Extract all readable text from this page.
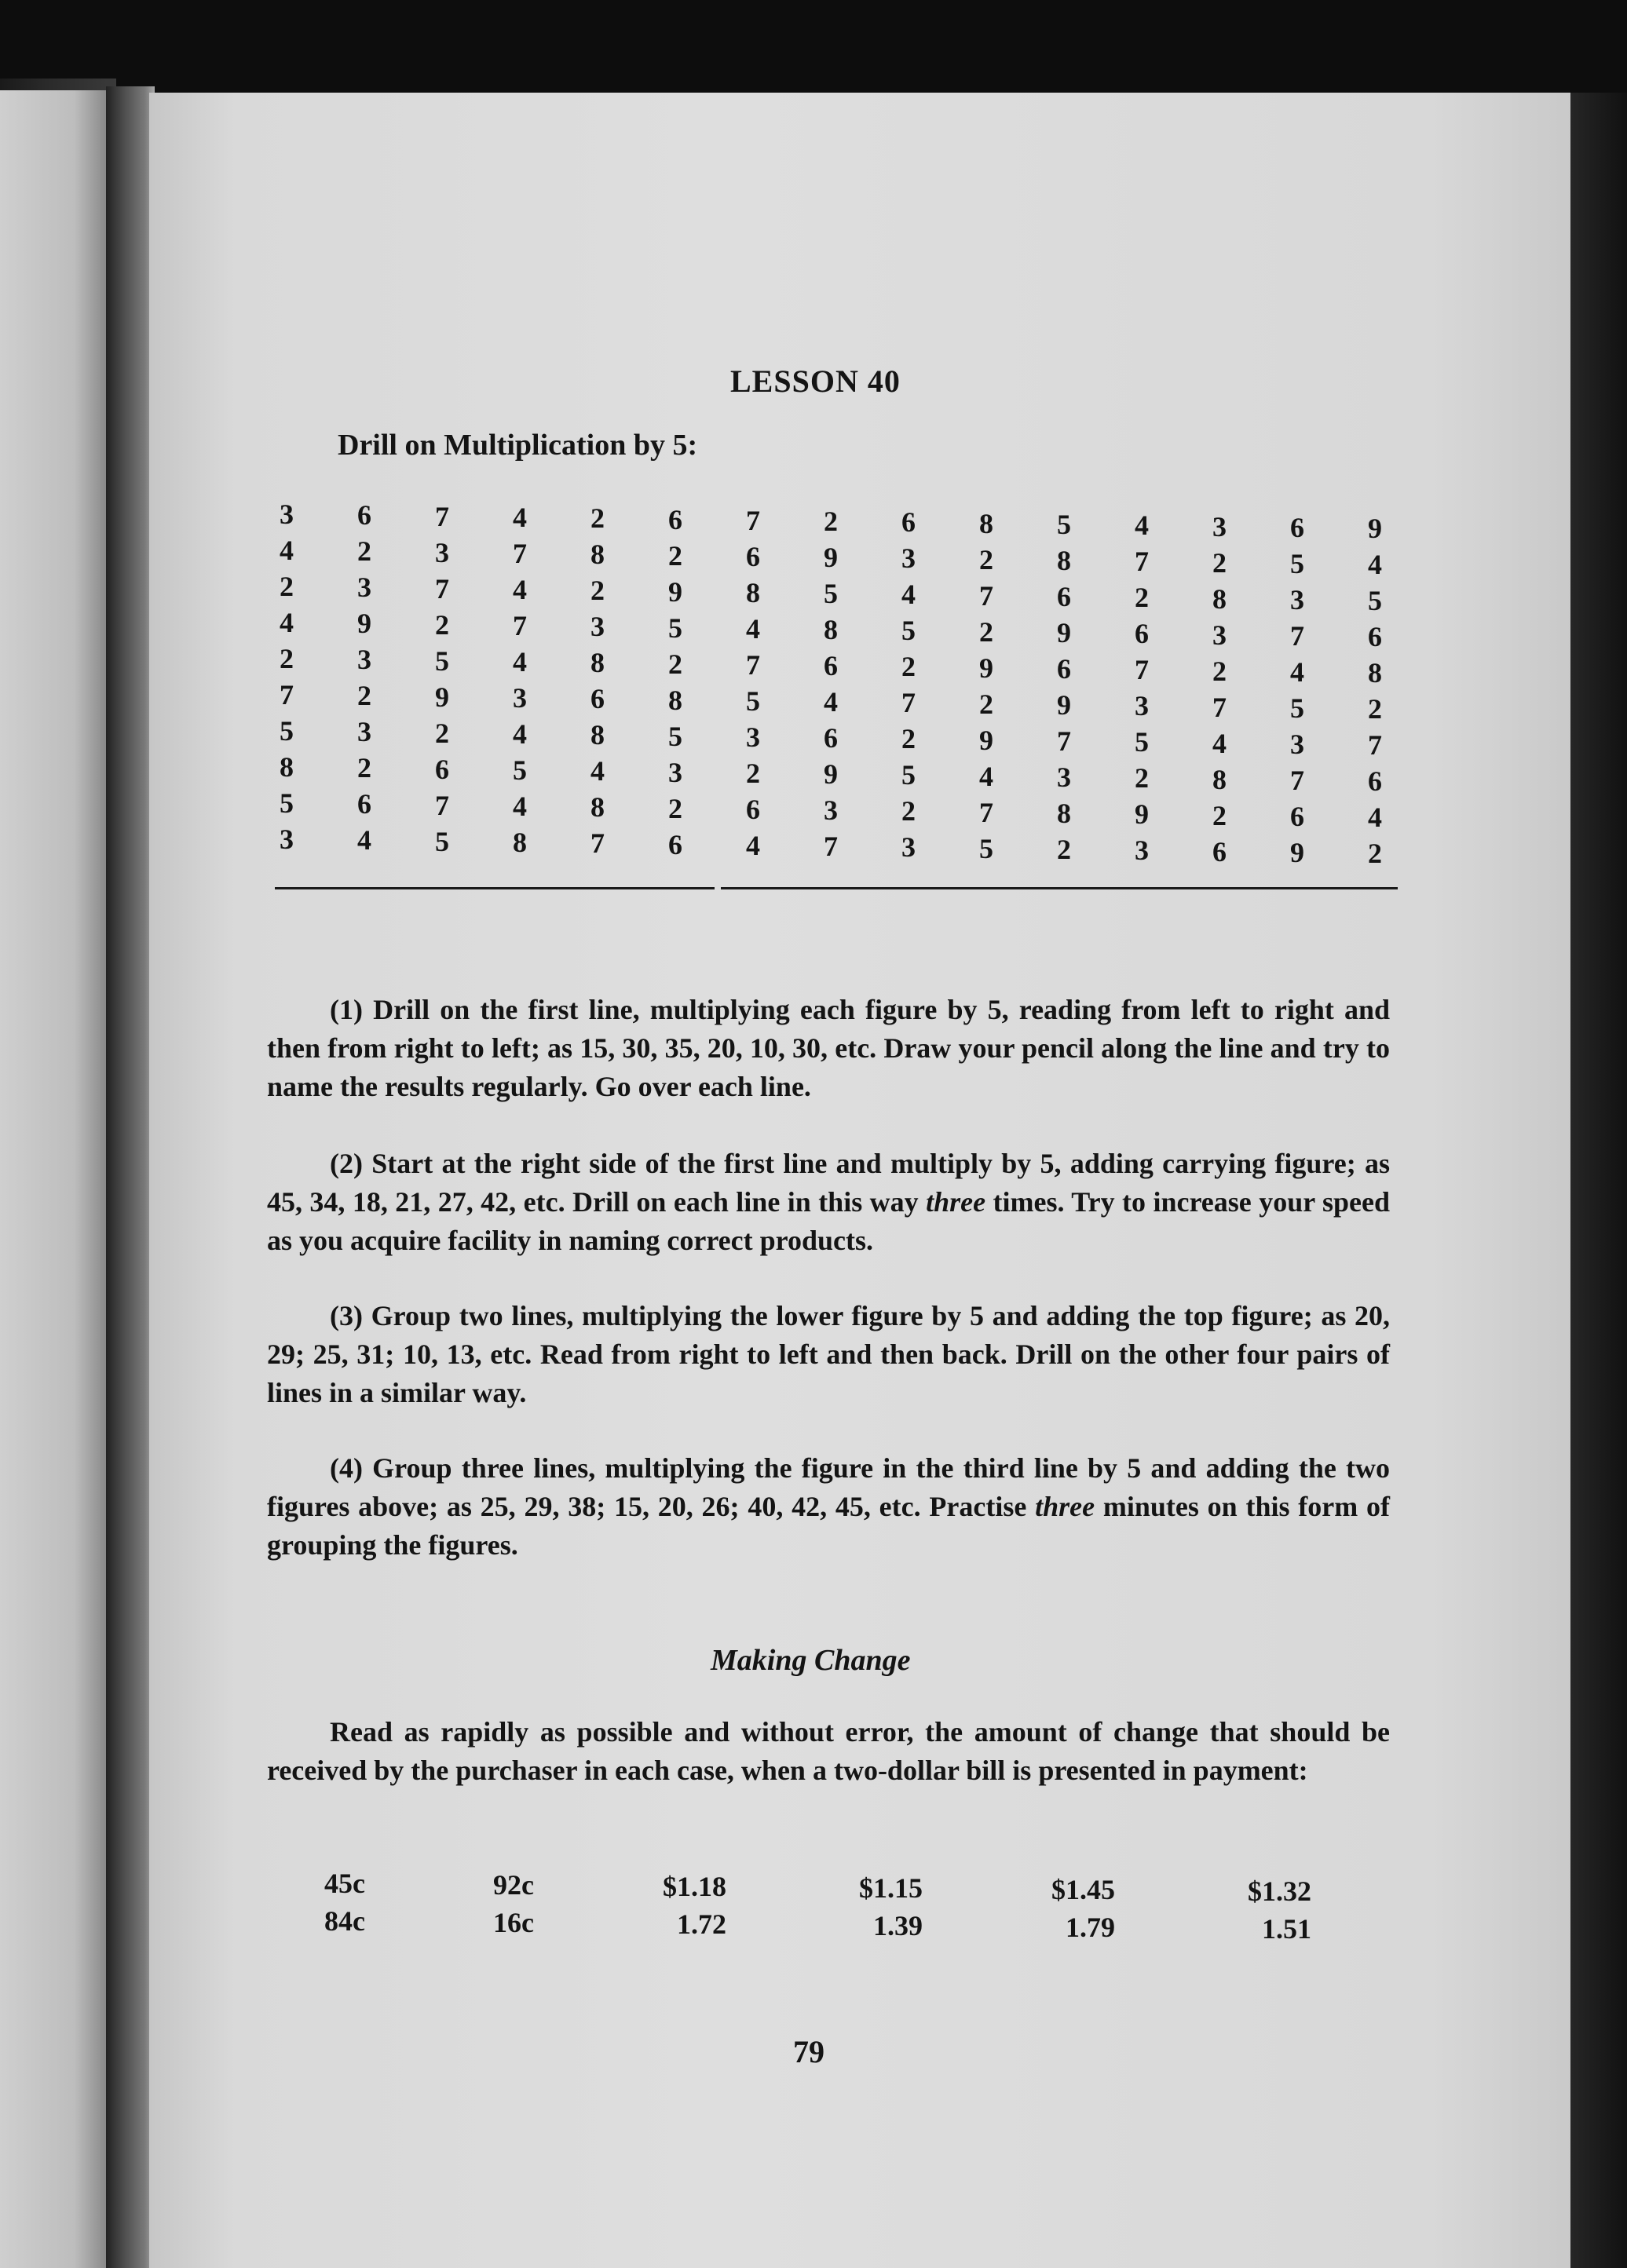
LESSON 40
Drill on Multiplication by 5:
3
4
2
4
2
7
5
8
5
3
6
2
3
9
3
2
3
2
6
4
7
3
7
2
5
9
2
6
7
5
4
7
4
7
4
3
4
5
4
8
2
8
2
3
8
6
8
4
8
7
6
2
9
5
2
8
5
3
2
6
7
6
8
4
7
5
3
2
6
4
2
9
5
8
6
4
6
9
3
7
6
3
4
5
2
7
2
5
2
3
8
2
7
2
9
2
9
4
7
5
5
8
6
9
6
9
7
3
8
2
4
7
2
6
7
3
5
2
9
3
3
2
8
3
2
7
4
8
2
6
6
5
3
7
4
5
3
7
6
9
9
4
5
6
8
2
7
6
4
2
(1) Drill on the first line, multiplying each figure by 5, reading from left to right and then from right to left; as 15, 30, 35, 20, 10, 30, etc. Draw your pencil along the line and try to name the results regularly. Go over each line.
(2) Start at the right side of the first line and multiply by 5, adding carrying figure; as 45, 34, 18, 21, 27, 42, etc. Drill on each line in this way three times. Try to increase your speed as you acquire facility in naming correct products.
(3) Group two lines, multiplying the lower figure by 5 and adding the top figure; as 20, 29; 25, 31; 10, 13, etc. Read from right to left and then back. Drill on the other four pairs of lines in a similar way.
(4) Group three lines, multiplying the figure in the third line by 5 and adding the two figures above; as 25, 29, 38; 15, 20, 26; 40, 42, 45, etc. Practise three minutes on this form of grouping the figures.
Making Change
Read as rapidly as possible and without error, the amount of change that should be received by the purchaser in each case, when a two-dollar bill is presented in payment:
45c
84c
92c
16c
$1.18
1.72
$1.15
1.39
$1.45
1.79
$1.32
1.51
79
